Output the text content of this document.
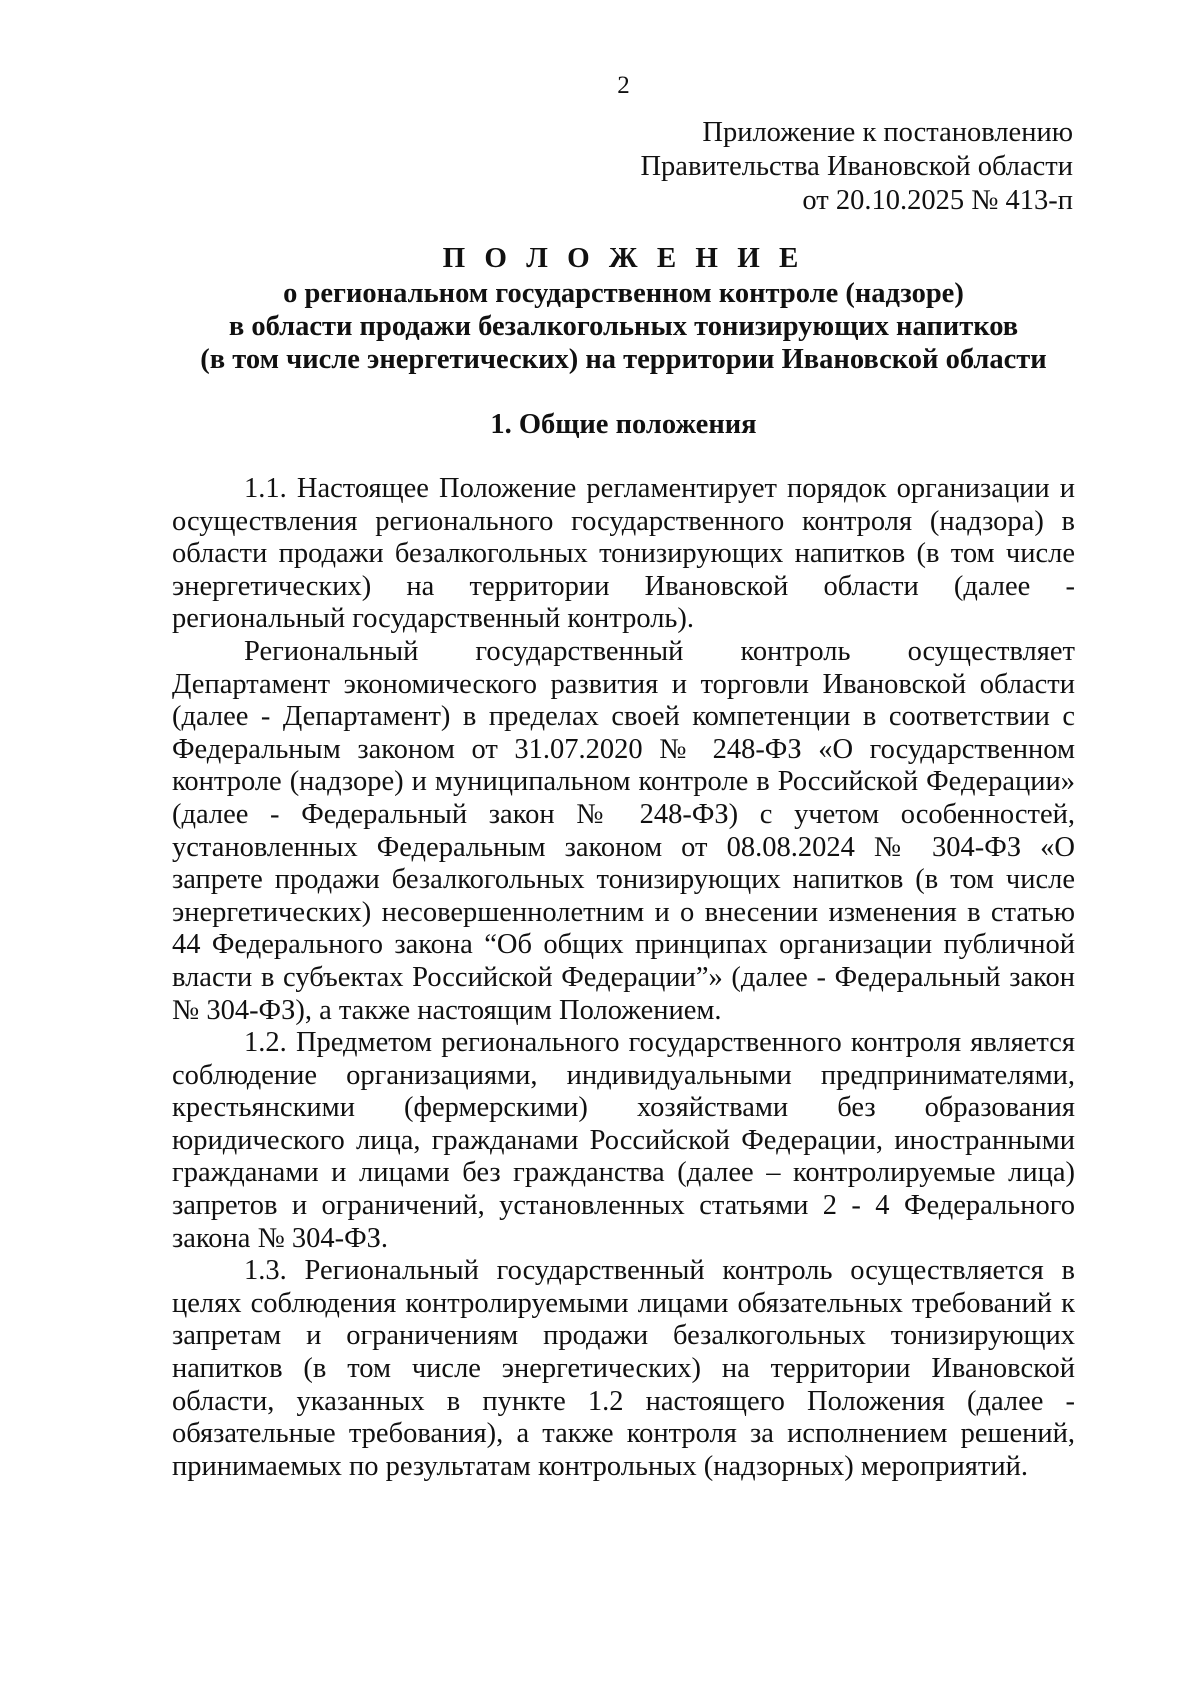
2
Приложение к постановлению
Правительства Ивановской области
от 20.10.2025 № 413-п
П О Л О Ж Е Н И Е
о региональном государственном контроле (надзоре)
в области продажи безалкогольных тонизирующих напитков
(в том числе энергетических) на территории Ивановской области
1. Общие положения

1.1. Настоящее Положение регламентирует порядок организации и осуществления регионального государственного контроля (надзора) в области продажи безалкогольных тонизирующих напитков (в том числе энергетических) на территории Ивановской области (далее - региональный государственный контроль).

Региональный государственный контроль осуществляет Департамент экономического развития и торговли Ивановской области (далее - Департамент) в пределах своей компетенции в соответствии с Федеральным законом от 31.07.2020 № 248-ФЗ «О государственном контроле (надзоре) и муниципальном контроле в Российской Федерации» (далее - Федеральный закон № 248-ФЗ) с учетом особенностей, установленных Федеральным законом от 08.08.2024 № 304-ФЗ «О запрете продажи безалкогольных тонизирующих напитков (в том числе энергетических) несовершеннолетним и о внесении изменения в статью 44 Федерального закона “Об общих принципах организации публичной власти в субъектах Российской Федерации”» (далее - Федеральный закон № 304-ФЗ), а также настоящим Положением.

1.2. Предметом регионального государственного контроля является соблюдение организациями, индивидуальными предпринимателями, крестьянскими (фермерскими) хозяйствами без образования юридического лица, гражданами Российской Федерации, иностранными гражданами и лицами без гражданства (далее – контролируемые лица) запретов и ограничений, установленных статьями 2 - 4 Федерального закона № 304-ФЗ.

1.3. Региональный государственный контроль осуществляется в целях соблюдения контролируемыми лицами обязательных требований к запретам и ограничениям продажи безалкогольных тонизирующих напитков (в том числе энергетических) на территории Ивановской области, указанных в пункте 1.2 настоящего Положения (далее - обязательные требования), а также контроля за исполнением решений, принимаемых по результатам контрольных (надзорных) мероприятий.
